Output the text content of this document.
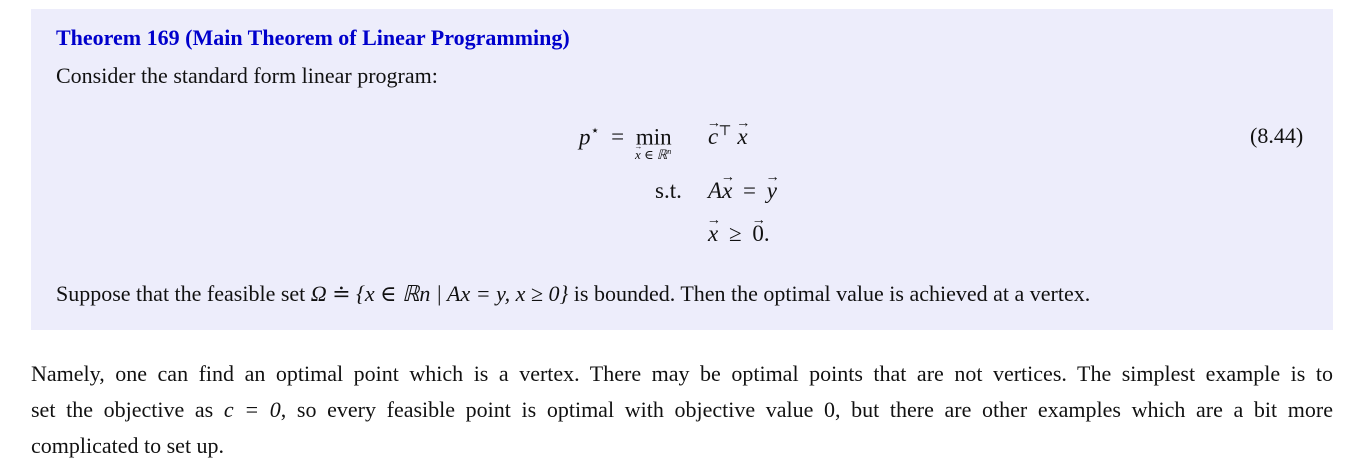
Theorem 169 (Main Theorem of Linear Programming)
Consider the standard form linear program:
p⋆ = min
→ x ∈ ℝ$^n$
→ c⊤ → x
s.t. A→ x = → y
→ x ≥ → 0.
(8.44)
Suppose that the feasible set Ω ≐ {x ∈ ℝn | Ax = y, x ≥ 0} is bounded. Then the optimal value is achieved at a vertex.
Namely, one can find an optimal point which is a vertex. There may be optimal points that are not vertices. The simplest example is to
set the objective as c = 0, so every feasible point is optimal with objective value 0, but there are other examples which are a bit more
complicated to set up.
